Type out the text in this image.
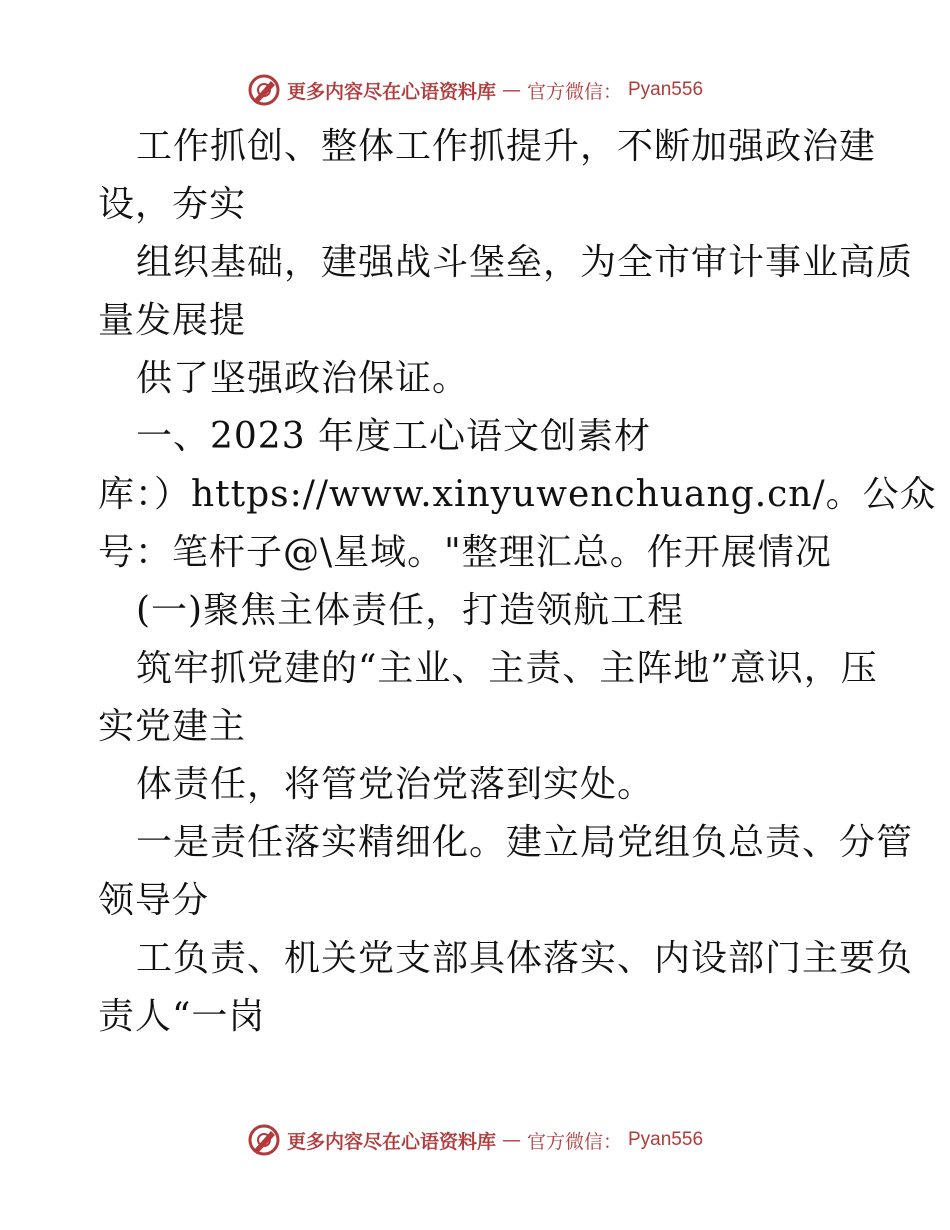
更多内容尽在心语资料库 — 官方微信： Pyan556
工作抓创、整体工作抓提升，不断加强政治建
设，夯实
组织基础，建强战斗堡垒，为全市审计事业高质
量发展提
供了坚强政治保证。
一、2023 年度工心语文创素材
库：）https://www.xinyuwenchuang.cn/。公众
号：笔杆子@\星域。"整理汇总。作开展情况
(一)聚焦主体责任，打造领航工程
筑牢抓党建的“主业、主责、主阵地”意识，压
实党建主
体责任，将管党治党落到实处。
一是责任落实精细化。建立局党组负总责、分管
领导分
工负责、机关党支部具体落实、内设部门主要负
责人“一岗
更多内容尽在心语资料库 — 官方微信： Pyan556
